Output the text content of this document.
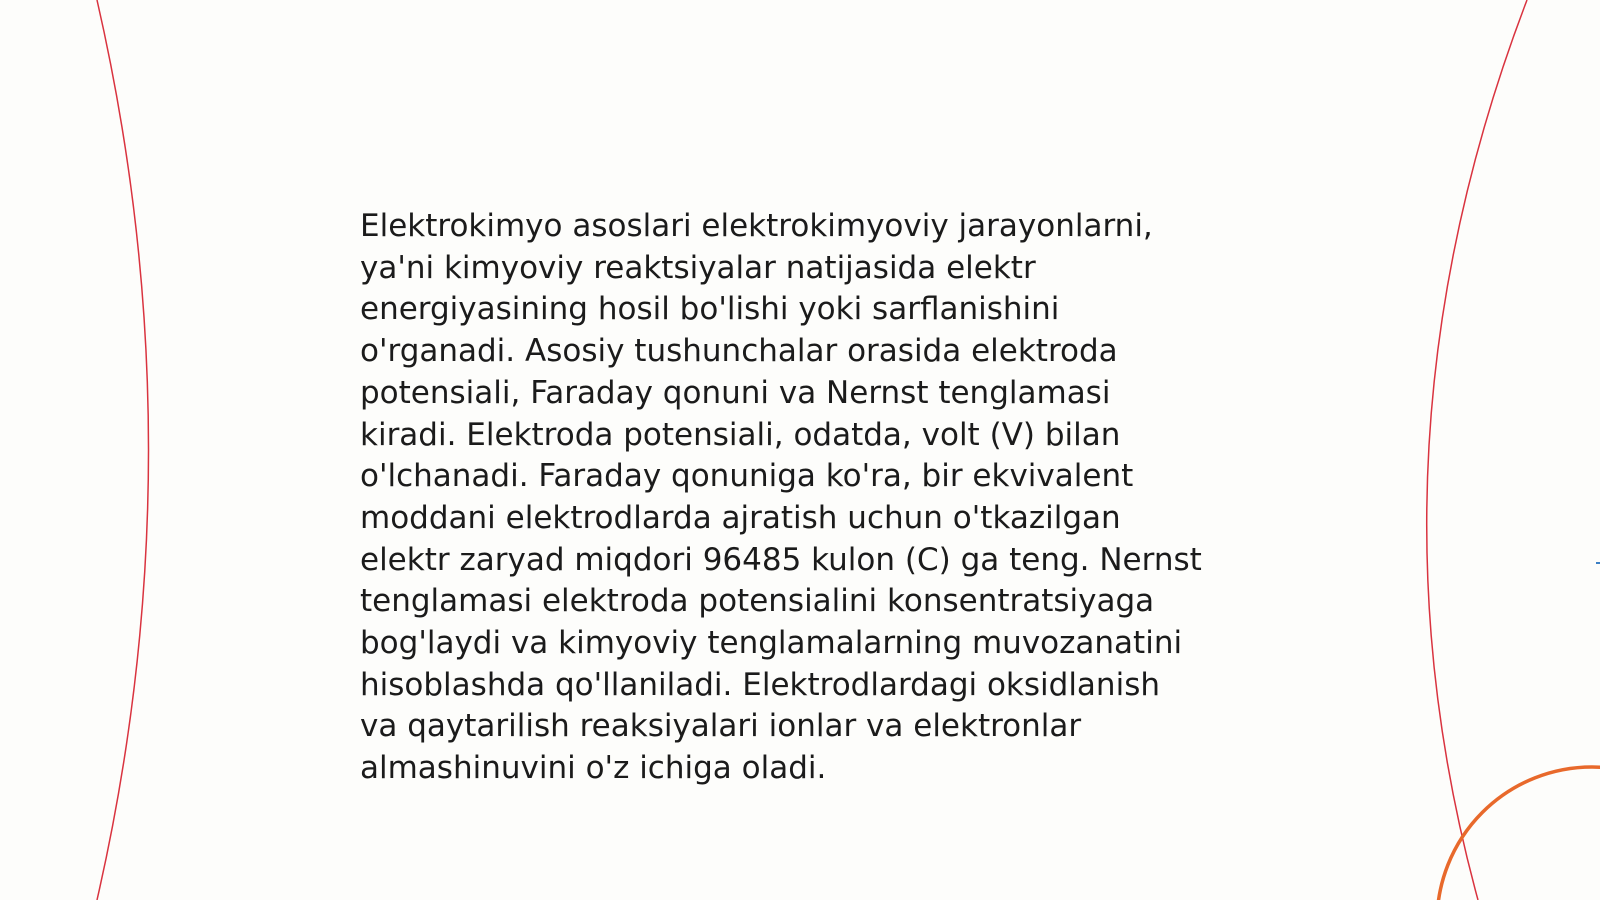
Elektrokimyo asoslari elektrokimyoviy jarayonlarni,
ya'ni kimyoviy reaktsiyalar natijasida elektr
energiyasining hosil bo'lishi yoki sarflanishini
o'rganadi. Asosiy tushunchalar orasida elektroda
potensiali, Faraday qonuni va Nernst tenglamasi
kiradi. Elektroda potensiali, odatda, volt (V) bilan
o'lchanadi. Faraday qonuniga ko'ra, bir ekvivalent
moddani elektrodlarda ajratish uchun o'tkazilgan
elektr zaryad miqdori 96485 kulon (C) ga teng. Nernst
tenglamasi elektroda potensialini konsentratsiyaga
bog'laydi va kimyoviy tenglamalarning muvozanatini
hisoblashda qo'llaniladi. Elektrodlardagi oksidlanish
va qaytarilish reaksiyalari ionlar va elektronlar
almashinuvini o'z ichiga oladi.
